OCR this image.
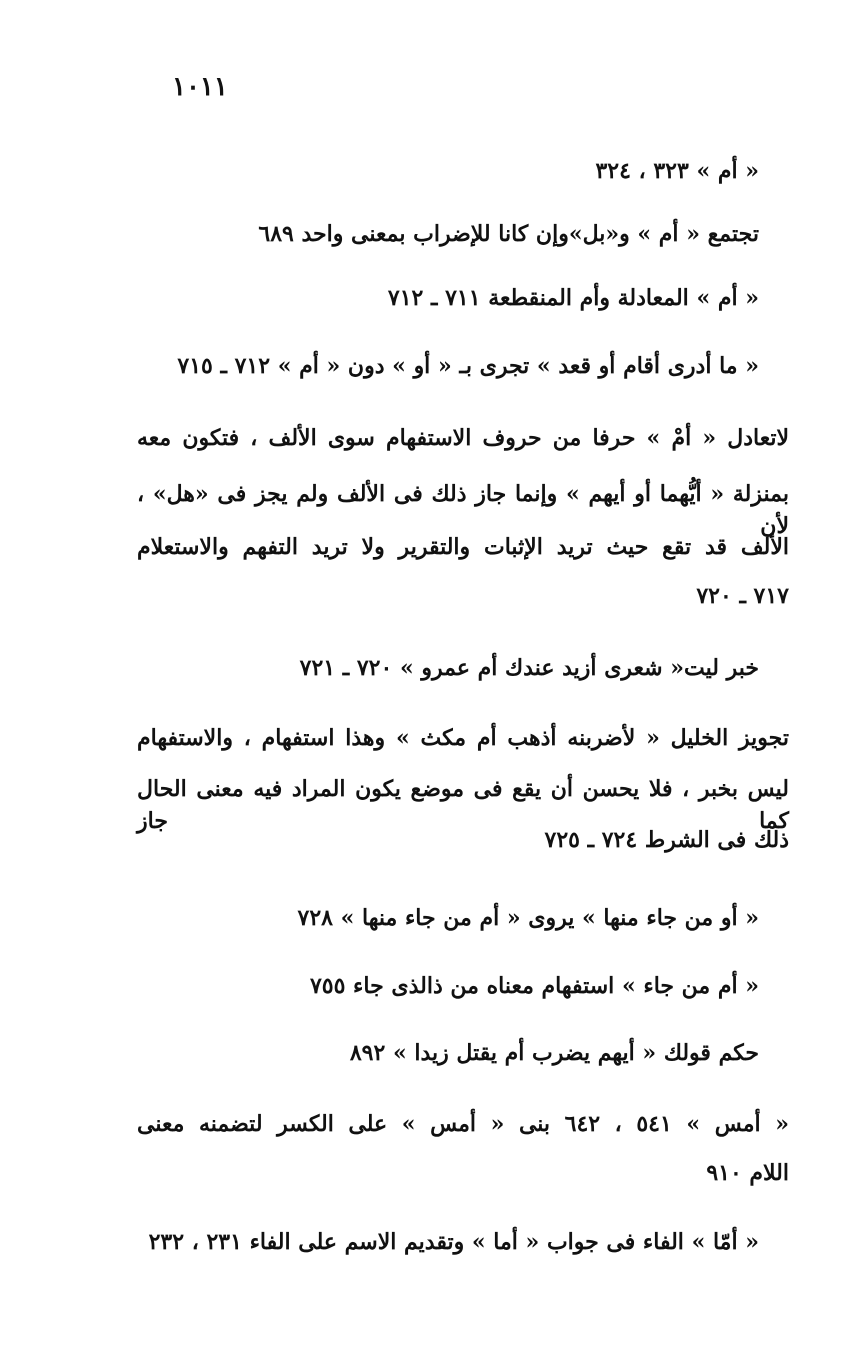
١٠١١
« أم » ٣٢٣ ، ٣٢٤
تجتمع « أم » و«بل»وإن كانا للإضراب بمعنى واحد ٦٨٩
« أم » المعادلة وأم المنقطعة ٧١١ ـ ٧١٢
« ما أدرى أقام أو قعد » تجرى بـ « أو » دون « أم » ٧١٢ ـ ٧١٥
لاتعادل « أمْ » حرفا من حروف الاستفهام سوى الألف ، فتكون معه
بمنزلة « أيُّهما أو أيهم » وإنما جاز ذلك فى الألف ولم يجز فى «هل» ، لأن
الألف قد تقع حيث تريد الإثبات والتقرير ولا تريد التفهم والاستعلام
٧١٧ ـ ٧٢٠
خبر ليت« شعرى أزيد عندك أم عمرو » ٧٢٠ ـ ٧٢١
تجويز الخليل « لأضربنه أذهب أم مكث » وهذا استفهام ، والاستفهام
ليس بخبر ، فلا يحسن أن يقع فى موضع يكون المراد فيه معنى الحال كما جاز
ذلك فى الشرط ٧٢٤ ـ ٧٢٥
« أو من جاء منها » يروى « أم من جاء منها » ٧٢٨
« أم من جاء » استفهام معناه من ذالذى جاء ٧٥٥
حكم قولك « أيهم يضرب أم يقتل زيدا » ٨٩٢
« أمس » ٥٤١ ، ٦٤٢ بنى « أمس » على الكسر لتضمنه معنى
اللام ٩١٠
« أمّا » الفاء فى جواب « أما » وتقديم الاسم على الفاء ٢٣١ ، ٢٣٢
